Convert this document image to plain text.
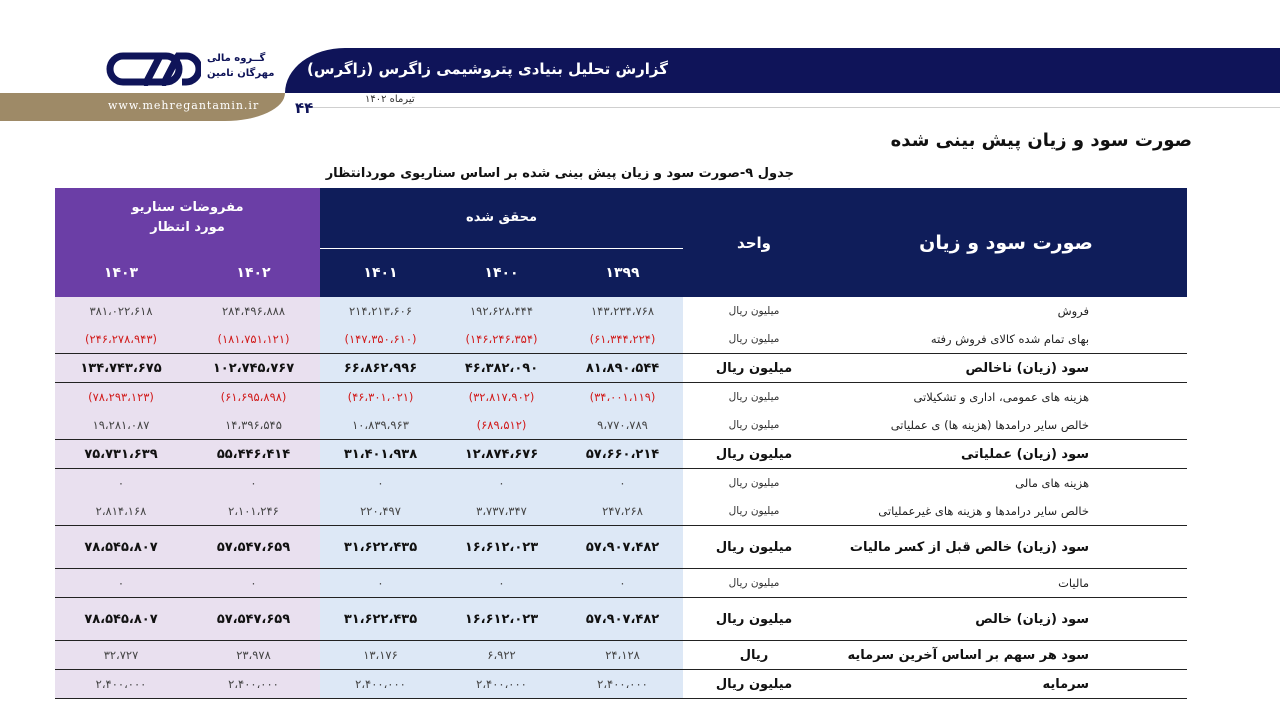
گزارش تحلیل بنیادی پتروشیمی زاگرس (زاگرس)
تیرماه ۱۴۰۲
۴۴
www.mehregantamin.ir
گــروه مالی
مهرگان تامین
صورت سود و زیان پیش بینی شده
جدول ۹-صورت سود و زیان پیش بینی شده بر اساس سناریوی موردانتظار
مفروضات سناریو
مورد انتظار		محقق شده			واحد	صورت سود و زیان
۱۴۰۳	۱۴۰۲	۱۴۰۱	۱۴۰۰	۱۳۹۹		
۳۸۱،۰۲۲،۶۱۸	۲۸۴،۴۹۶،۸۸۸	۲۱۴،۲۱۳،۶۰۶	۱۹۲،۶۲۸،۴۴۴	۱۴۳،۲۳۴،۷۶۸	میلیون ریال	فروش
(۲۴۶،۲۷۸،۹۴۳)	(۱۸۱،۷۵۱،۱۲۱)	(۱۴۷،۳۵۰،۶۱۰)	(۱۴۶،۲۴۶،۳۵۴)	(۶۱،۳۴۴،۲۲۴)	میلیون ریال	بهای تمام شده کالای فروش رفته
۱۳۴،۷۴۳،۶۷۵	۱۰۲،۷۴۵،۷۶۷	۶۶،۸۶۲،۹۹۶	۴۶،۳۸۲،۰۹۰	۸۱،۸۹۰،۵۴۴	میلیون ریال	سود (زیان) ناخالص
(۷۸،۲۹۳،۱۲۳)	(۶۱،۶۹۵،۸۹۸)	(۴۶،۳۰۱،۰۲۱)	(۳۲،۸۱۷،۹۰۲)	(۳۴،۰۰۱،۱۱۹)	میلیون ریال	هزینه های عمومی، اداری و تشکیلاتی
۱۹،۲۸۱،۰۸۷	۱۴،۳۹۶،۵۴۵	۱۰،۸۳۹،۹۶۳	(۶۸۹،۵۱۲)	۹،۷۷۰،۷۸۹	میلیون ریال	خالص سایر درامدها (هزینه ها) ی عملیاتی
۷۵،۷۳۱،۶۳۹	۵۵،۴۴۶،۴۱۴	۳۱،۴۰۱،۹۳۸	۱۲،۸۷۴،۶۷۶	۵۷،۶۶۰،۲۱۴	میلیون ریال	سود (زیان) عملیاتی
۰	۰	۰	۰	۰	میلیون ریال	هزینه های مالی
۲،۸۱۴،۱۶۸	۲،۱۰۱،۲۴۶	۲۲۰،۴۹۷	۳،۷۳۷،۳۴۷	۲۴۷،۲۶۸	میلیون ریال	خالص سایر درامدها و هزینه های غیرعملیاتی
۷۸،۵۴۵،۸۰۷	۵۷،۵۴۷،۶۵۹	۳۱،۶۲۲،۴۳۵	۱۶،۶۱۲،۰۲۳	۵۷،۹۰۷،۴۸۲	میلیون ریال	سود (زیان) خالص قبل از کسر مالیات
۰	۰	۰	۰	۰	میلیون ریال	مالیات
۷۸،۵۴۵،۸۰۷	۵۷،۵۴۷،۶۵۹	۳۱،۶۲۲،۴۳۵	۱۶،۶۱۲،۰۲۳	۵۷،۹۰۷،۴۸۲	میلیون ریال	سود (زیان) خالص
۳۲،۷۲۷	۲۳،۹۷۸	۱۳،۱۷۶	۶،۹۲۲	۲۴،۱۲۸	ریال	سود هر سهم بر اساس آخرین سرمایه
۲،۴۰۰،۰۰۰	۲،۴۰۰،۰۰۰	۲،۴۰۰،۰۰۰	۲،۴۰۰،۰۰۰	۲،۴۰۰،۰۰۰	میلیون ریال	سرمایه
